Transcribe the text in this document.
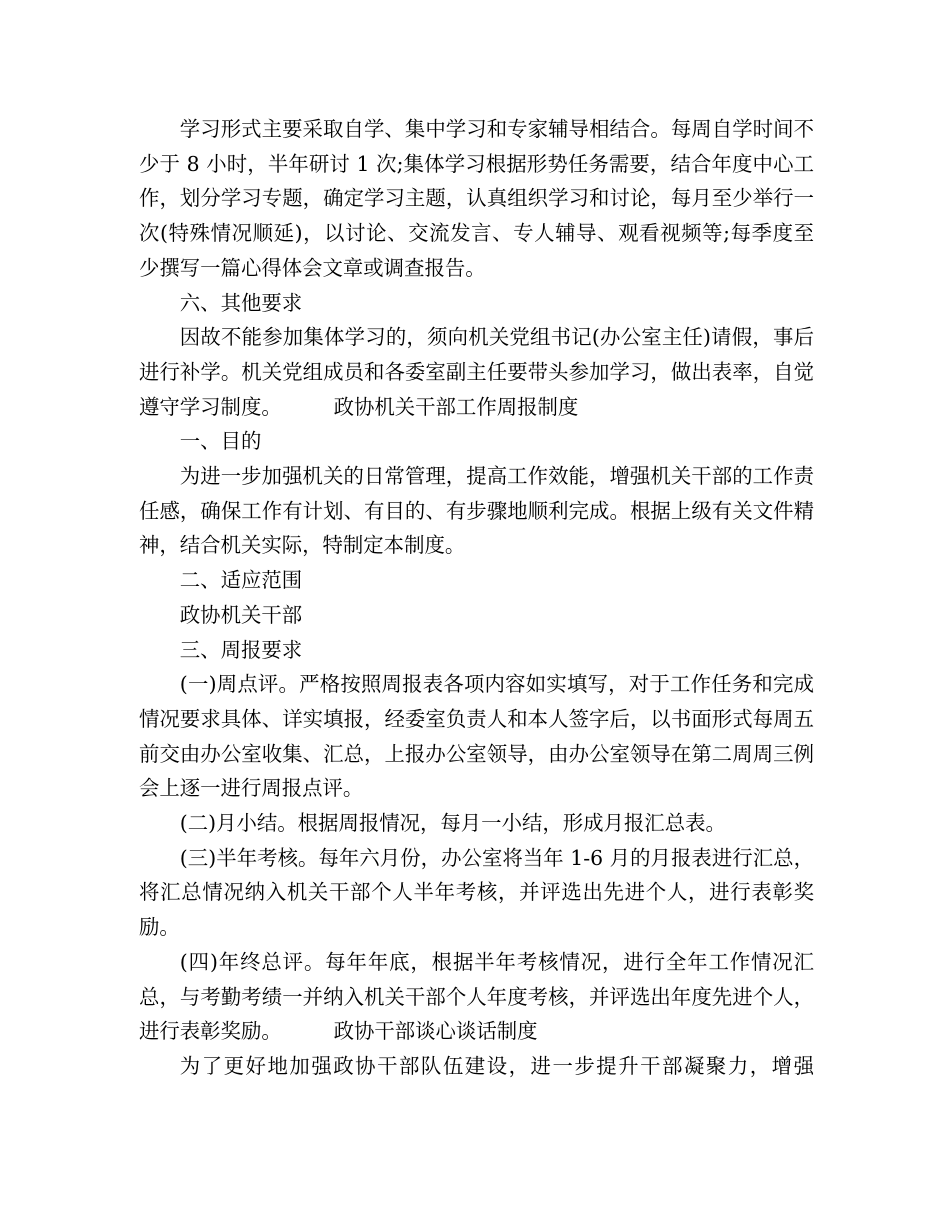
学习形式主要采取自学、集中学习和专家辅导相结合。每周自学时间不少于 8 小时，半年研讨 1 次;集体学习根据形势任务需要，结合年度中心工作，划分学习专题，确定学习主题，认真组织学习和讨论，每月至少举行一次(特殊情况顺延)，以讨论、交流发言、专人辅导、观看视频等;每季度至少撰写一篇心得体会文章或调查报告。

六、其他要求

因故不能参加集体学习的，须向机关党组书记(办公室主任)请假，事后进行补学。机关党组成员和各委室副主任要带头参加学习，做出表率，自觉遵守学习制度。        政协机关干部工作周报制度

一、目的

为进一步加强机关的日常管理，提高工作效能，增强机关干部的工作责任感，确保工作有计划、有目的、有步骤地顺利完成。根据上级有关文件精神，结合机关实际，特制定本制度。

二、适应范围

政协机关干部

三、周报要求

(一)周点评。严格按照周报表各项内容如实填写，对于工作任务和完成情况要求具体、详实填报，经委室负责人和本人签字后，以书面形式每周五前交由办公室收集、汇总，上报办公室领导，由办公室领导在第二周周三例会上逐一进行周报点评。

(二)月小结。根据周报情况，每月一小结，形成月报汇总表。

(三)半年考核。每年六月份，办公室将当年 1-6 月的月报表进行汇总，将汇总情况纳入机关干部个人半年考核，并评选出先进个人，进行表彰奖励。

(四)年终总评。每年年底，根据半年考核情况，进行全年工作情况汇总，与考勤考绩一并纳入机关干部个人年度考核，并评选出年度先进个人，进行表彰奖励。        政协干部谈心谈话制度

为了更好地加强政协干部队伍建设，进一步提升干部凝聚力，增强
